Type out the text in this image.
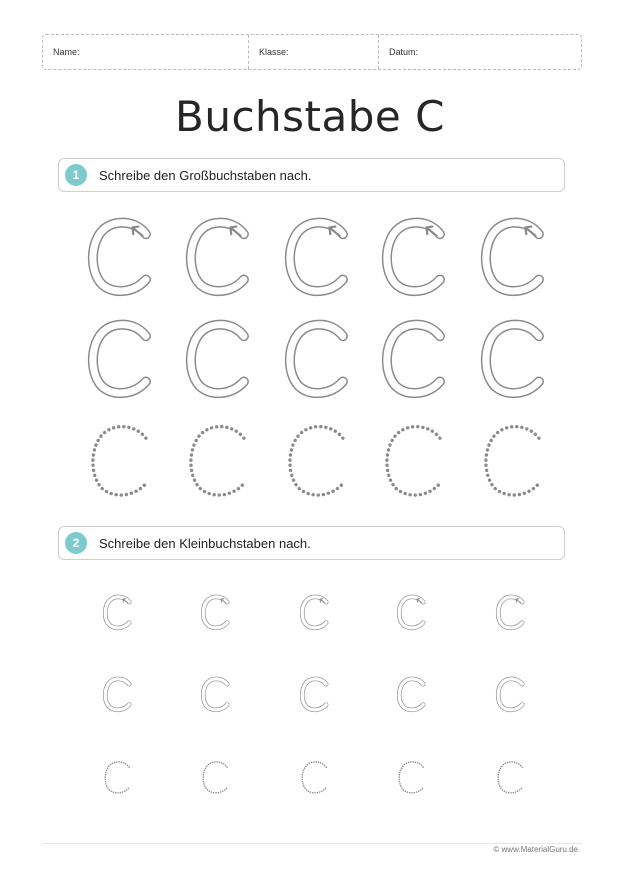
Name:	Klasse:	Datum:
Buchstabe C
1	Schreibe den Großbuchstaben nach.
2	Schreibe den Kleinbuchstaben nach.
© www.MaterialGuru.de
